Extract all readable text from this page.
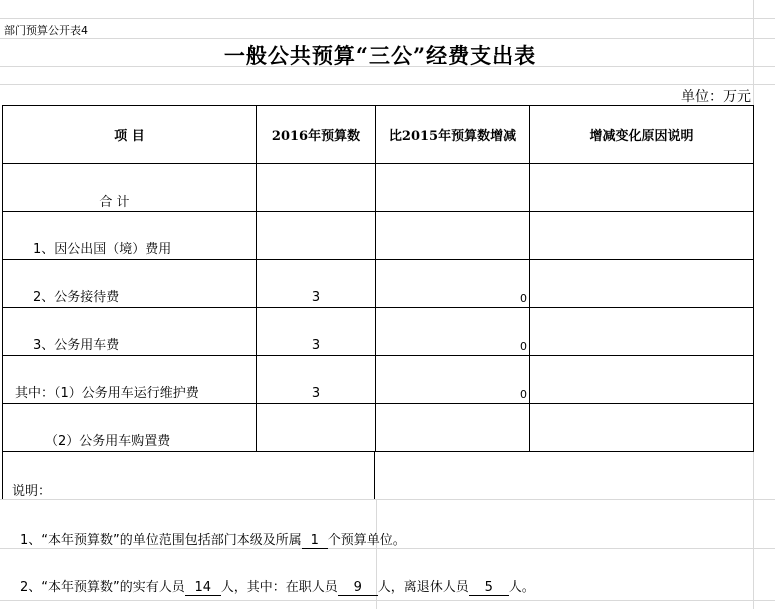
部门预算公开表4
一般公共预算“三公”经费支出表
单位：万元
项 目	2016年预算数	比2015年预算数增减	增减变化原因说明
合 计			
1、因公出国（境）费用			
2、公务接待费	3	0	
3、公务用车费	3	0	
其中：（1）公务用车运行维护费	3	0	
（2）公务用车购置费			
说明：
1、“本年预算数”的单位范围包括部门本级及所属 1 个预算单位。
2、“本年预算数”的实有人员 14 人，其中：在职人员 9 人，离退休人员 5 人。
